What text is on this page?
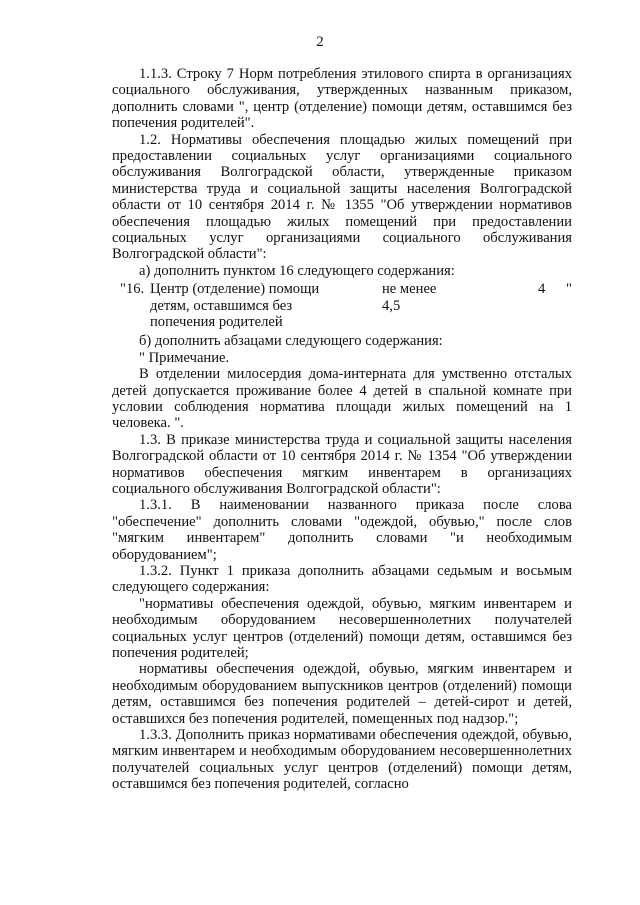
2

1.1.3. Строку 7 Норм потребления этилового спирта в организациях социального обслуживания, утвержденных названным приказом, дополнить словами ", центр (отделение) помощи детям, оставшимся без попечения родителей".

1.2. Нормативы обеспечения площадью жилых помещений при предоставлении социальных услуг организациями социального обслуживания Волгоградской области, утвержденные приказом министерства труда и социальной защиты населения Волгоградской области от 10 сентября 2014 г. № 1355 "Об утверждении нормативов обеспечения площадью жилых помещений при предоставлении социальных услуг организациями социального обслуживания Волгоградской области":

а) дополнить пунктом 16 следующего содержания:

"16. Центр (отделение) помощи
детям, оставшимся без
попечения родителей
не менее
4,5
4 "

б) дополнить абзацами следующего содержания:

" Примечание.

В отделении милосердия дома-интерната для умственно отсталых детей допускается проживание более 4 детей в спальной комнате при условии соблюдения норматива площади жилых помещений на 1 человека. ".

1.3. В приказе министерства труда и социальной защиты населения Волгоградской области от 10 сентября 2014 г. № 1354 "Об утверждении нормативов обеспечения мягким инвентарем в организациях социального обслуживания Волгоградской области":

1.3.1. В наименовании названного приказа после слова "обеспечение" дополнить словами "одеждой, обувью," после слов "мягким инвентарем" дополнить словами "и необходимым оборудованием";

1.3.2. Пункт 1 приказа дополнить абзацами седьмым и восьмым следующего содержания:

"нормативы обеспечения одеждой, обувью, мягким инвентарем и необходимым оборудованием несовершеннолетних получателей социальных услуг центров (отделений) помощи детям, оставшимся без попечения родителей;

нормативы обеспечения одеждой, обувью, мягким инвентарем и необходимым оборудованием выпускников центров (отделений) помощи детям, оставшимся без попечения родителей – детей-сирот и детей, оставшихся без попечения родителей, помещенных под надзор.";

1.3.3. Дополнить приказ нормативами обеспечения одеждой, обувью, мягким инвентарем и необходимым оборудованием несовершеннолетних получателей социальных услуг центров (отделений) помощи детям, оставшимся без попечения родителей, согласно
